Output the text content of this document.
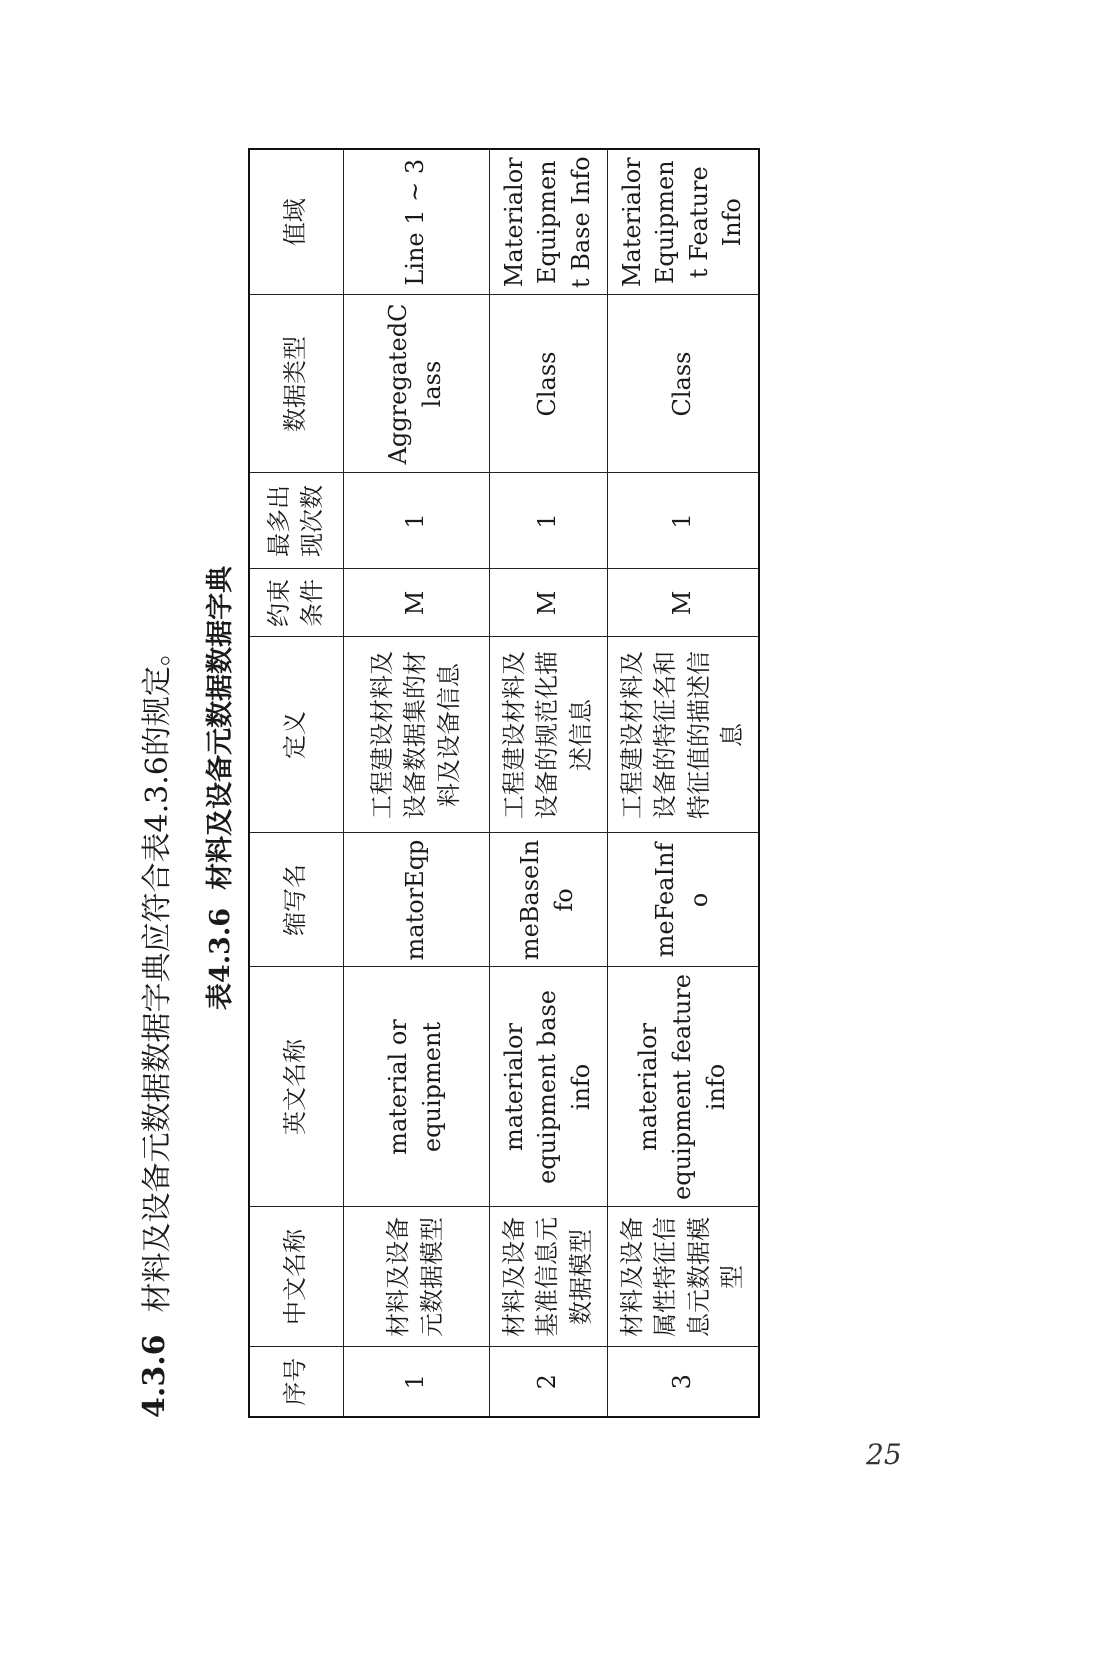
4.3.6
材料及设备元数据数据字典应符合表4.3.6的规定。 表4.3.6材料及设备元数据数据字典
序号	中文名称	英文名称	缩写名	定义	约束条件	最多出现次数	数据类型	值域
1	材料及设备元数据模型	material or equipment	matorEqp	工程建设材料及设备数据集的材料及设备信息	M	1	AggregatedClass	Line 1 ~ 3
2	材料及设备基准信息元数据模型	materialor equipment base info	meBaseInfo	工程建设材料及设备的规范化描述信息	M	1	Class	Materialor Equipment Base Info
3	材料及设备属性特征信息元数据模型	materialor equipment feature info	meFeaInfo	工程建设材料及设备的特征名和特征值的描述信息	M	1	Class	Materialor Equipment Feature Info
25
